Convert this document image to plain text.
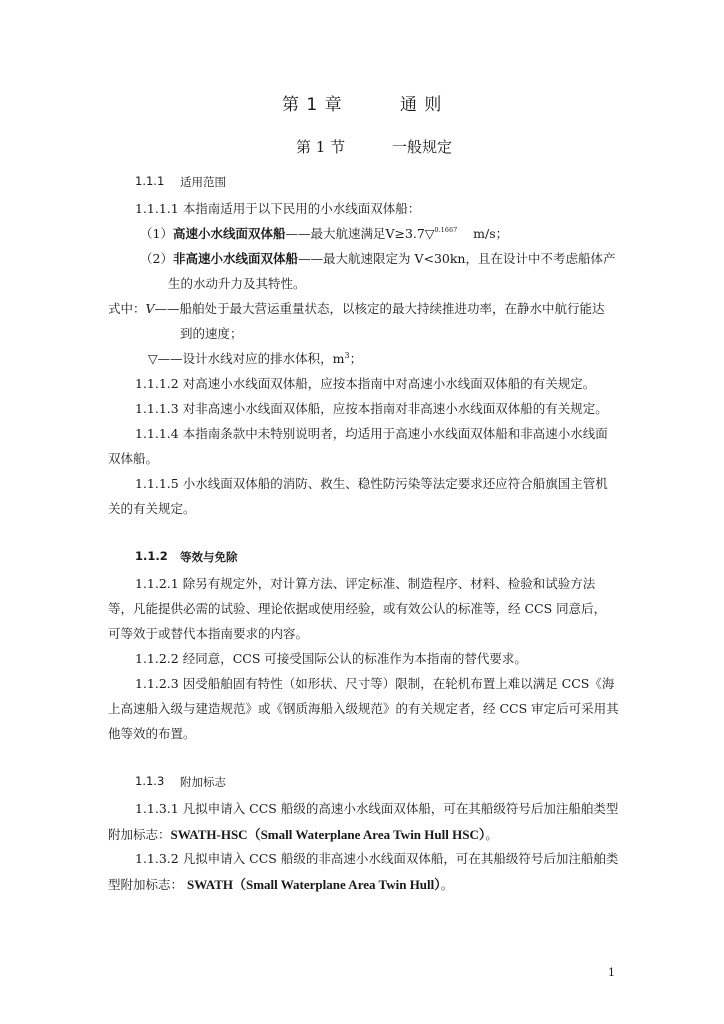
第 1 章	通 则
第 1 节	一般规定
1.1.1 适用范围
1.1.1.1 本指南适用于以下民用的小水线面双体船：
（1）高速小水线面双体船——最大航速满足V≥3.7▽$^{0.1667}$ m/s；
（2）非高速小水线面双体船——最大航速限定为 V<30kn，且在设计中不考虑船体产
生的水动升力及其特性。
式中：V——船舶处于最大营运重量状态，以核定的最大持续推进功率，在静水中航行能达
到的速度；
▽——设计水线对应的排水体积，$m^3$；
1.1.1.2 对高速小水线面双体船，应按本指南中对高速小水线面双体船的有关规定。
1.1.1.3 对非高速小水线面双体船，应按本指南对非高速小水线面双体船的有关规定。
1.1.1.4 本指南条款中未特别说明者，均适用于高速小水线面双体船和非高速小水线面
双体船。
1.1.1.5 小水线面双体船的消防、救生、稳性防污染等法定要求还应符合船旗国主管机
关的有关规定。
1.1.2 等效与免除
1.1.2.1 除另有规定外，对计算方法、评定标准、制造程序、材料、检验和试验方法
等，凡能提供必需的试验、理论依据或使用经验，或有效公认的标准等，经 CCS 同意后，
可等效于或替代本指南要求的内容。
1.1.2.2 经同意，CCS 可接受国际公认的标准作为本指南的替代要求。
1.1.2.3 因受船舶固有特性（如形状、尺寸等）限制，在轮机布置上难以满足 CCS《海
上高速船入级与建造规范》或《钢质海船入级规范》的有关规定者，经 CCS 审定后可采用其
他等效的布置。
1.1.3 附加标志
1.1.3.1 凡拟申请入 CCS 船级的高速小水线面双体船，可在其船级符号后加注船舶类型
附加标志：SWATH-HSC（Small Waterplane Area Twin Hull HSC）。
1.1.3.2 凡拟申请入 CCS 船级的非高速小水线面双体船，可在其船级符号后加注船舶类
型附加标志： SWATH（Small Waterplane Area Twin Hull）。
1
